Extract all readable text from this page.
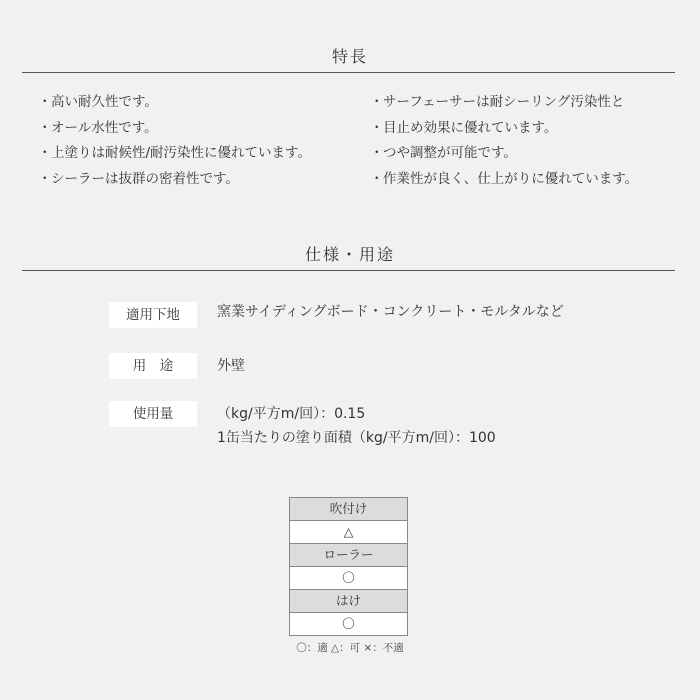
特長
・高い耐久性です。
・オール水性です。
・上塗りは耐候性/耐汚染性に優れています。
・シーラーは抜群の密着性です。
・サーフェーサーは耐シーリング汚染性と
・目止め効果に優れています。
・つや調整が可能です。
・作業性が良く、仕上がりに優れています。
仕様・用途
適用下地	窯業サイディングボード・コンクリート・モルタルなど
用　途	外壁
使用量	（kg/平方m/回）：0.15
1缶当たりの塗り面積（kg/平方m/回）：100
吹付け
△
ローラー
〇
はけ
〇
〇：適 △：可 ×：不適
